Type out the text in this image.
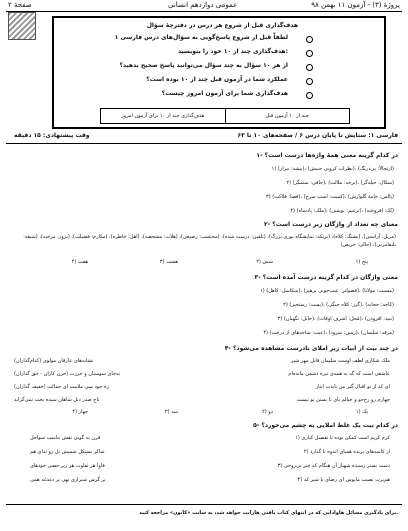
صفحهٔ ۲	عمومی دوازدهم انسانی	پروژهٔ (۳) - آزمون ۱۱ بهمن ۹۸
هدف‌گذاری قبل از شروع هر درس در دفترچهٔ سؤال
لطفاً قبل از شروع پاسخ‌گویی به سؤال‌های درس فارسی ۱
هدف‌گذاری چند از ۱۰ خود را بنویسید:
از هر ۱۰ سؤال به چند سؤال می‌توانید پاسخ صحیح بدهید؟
عملکرد شما در آزمون قبل چند از ۱۰ بوده است؟
هدف‌گذاری شما برای آزمون امروز چیست؟
هدف‌گذاری چند از ۱۰ برای آزمون امروز	چند از ۱۰ آزمون قبل
وقت پیشنهادی: ۱۵ دقیقه	فارسی ۱: ستایش تا پایان درس ۶ / صفحه‌های ۱۰ تا ۶۳
۱- در کدام گزینه معنی همهٔ واژه‌ها درست است؟
۱) (بیشه: بیزار)، (نظرات کرویی جنبش)، (ارتجالاً: بی‌درنگ)
۲) (جافی: ستمگر)، (برخه: ملالت)، (سکال: حیله‌گر)
۳) (قضا: فلاکت)، (کمیت: اسب سرخ)، (پالس: جامهٔ گلوارش)
۴) (ملک: پادشاه)، (ترغیم: نوشتن)، (بُک: افروخته)
۲- معنای چه تعداد از واژگان زیر درست است؟
(مربل: آراستن)، (بشنگ: کلاه)، (برتکه: نمایشگاه نوری بزرگ)، (تلقین: درست شده)، (محتسب: رضیعی)، (هلات: مشخصه)، (اهل: خاطره)، (مکارم: فضیلت)، (بروز: مرخیه)، (شبقه: بلنقامرتی)، (حالی: حریص)
۱) پنج
۲) شش
۳) هشت
۴) هفت
۳- معنی واژگان در کدام گزینه درست آمده است؟
۱) (متکاسل: کاهل)، (فضولتر: عیب‌جویی پرهیز)، (مسبب: مولانا)
۲) (بست: رستخیز)، (گرز: کلاه جنگی)، (کاجه: حجابه)
۳) (حایل: نگهبان)، (مُحل: اشرف اوقات)، (نبیه: افزودن)
۴) (عیب: شاخه‌های از درخت)، (زمین: سرود)، (مرقد: سلیمان)
۴- در چند بیت از ابیات زیر املای نادرست مشاهده می‌شود؟
ملک شکاری لطف اوست سلیمان قابل مهر شیر
نشانه‌های عارفان مولوی (کدام‌گذاران)
عاشقی است که گه به همه‌ی تیره دشمن مانده‌ام
به‌جای سوسنان و حزرت (حزن کاران - حق گذاران)
ای که از تو اقبال گیر من بایدت ایثار
زه جود سی ملامت ای جمالت (خفیف گذاران)
چهارم رو رخ‌حو و خیالم پای تا بستن تو نیست
تاج صدر دیل شاهان سیده بخت نمی‌گراید
۱) یک
۲) دو
۳) سه
۴) چهار
۵- در کدام بیت یک غلط املایی به چشم می‌خورد؟
۱) کرم کریم است کمکن بوده تا تفصیل کیاری
قرن به گویی نقش تناسب سواحل
۲) از کاسه‌های پرنده همپای اندوه تا گذارد
شاکر بستکل شمیش تل رو ندای هم
۳) دست بستر رسیده شهناز آن هنگام که چیر بی‌روحی
فاوا هر تفاوت هر زیر خصی خودهای
۴) هم‌برت نصیب مایوس ای رضای با شیر که
بر گرس شبرازی تهی پر دغدغه همی
برای یادگیری مسائل هاوادایی که در انتهای کتاب یافتی هارایت خواهد شد، به سایت «کانون» مراجعه کنید.
